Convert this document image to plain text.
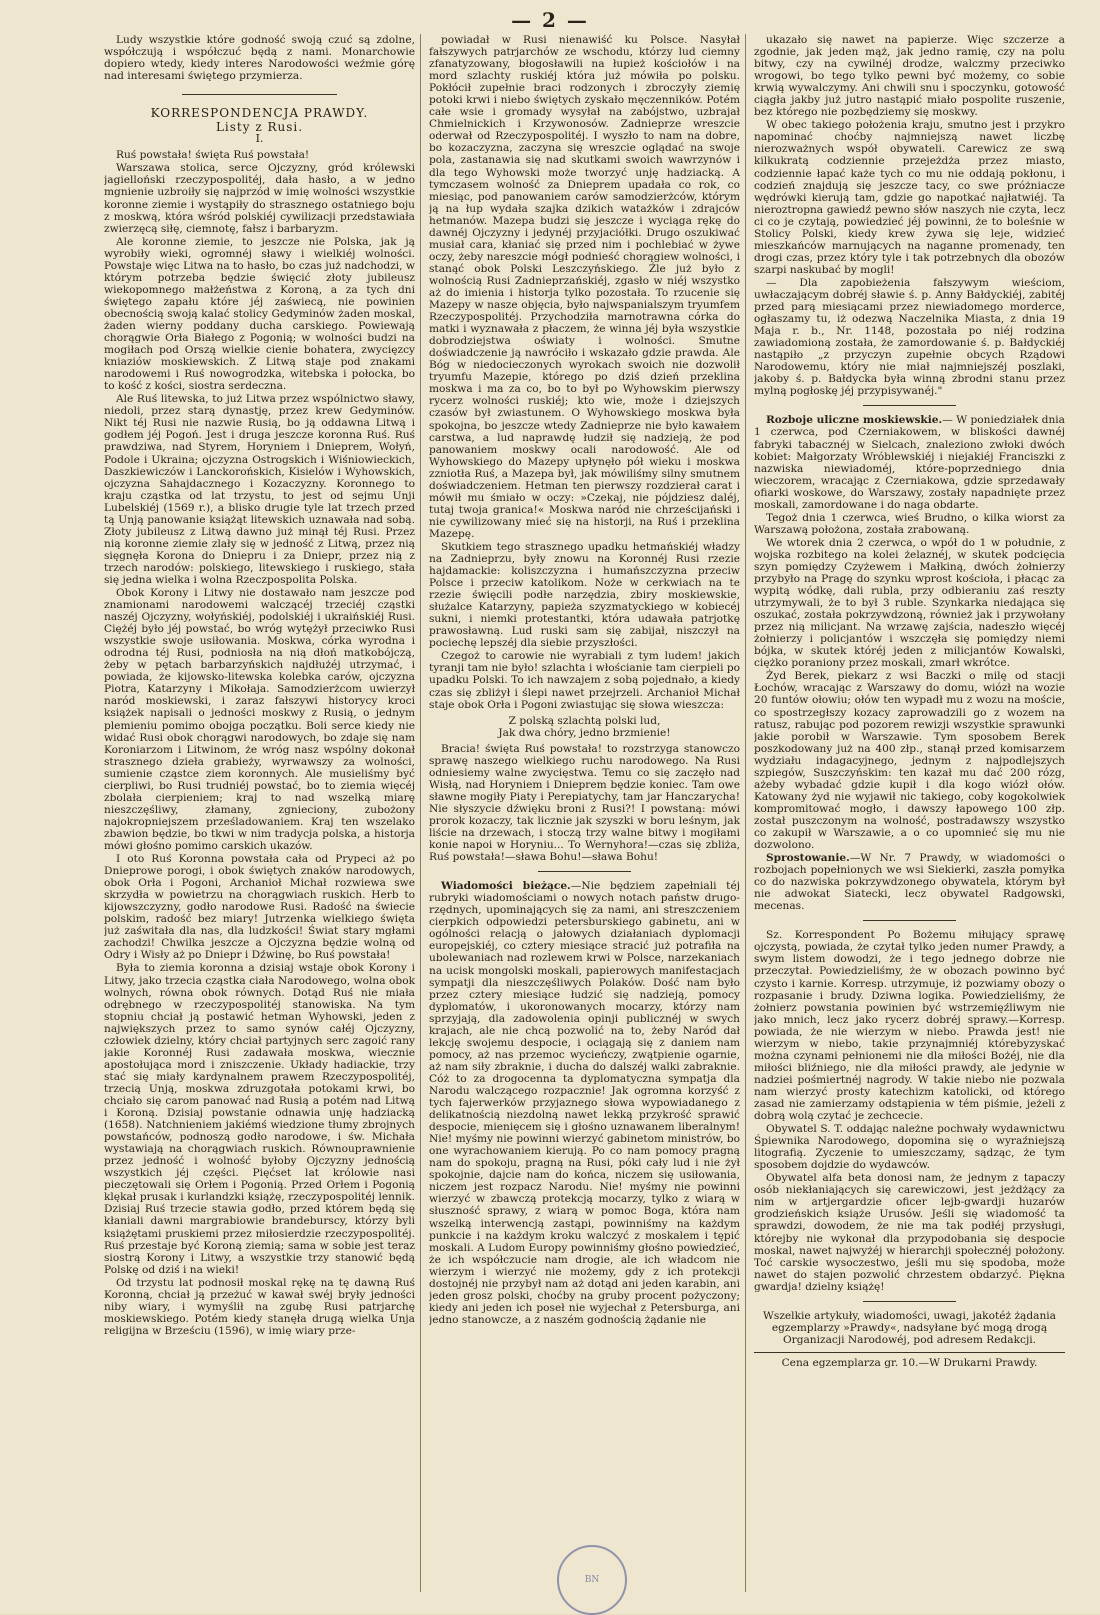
— 2 —

Ludy wszystkie które godność swoją czuć są zdolne, współczują i współczuć będą z nami. Monarchowie dopiero wtedy, kiedy interes Narodowości weźmie górę nad interesami świętego przymierza.

KORRESPONDENCJA PRAWDY.
Listy z Rusi.
I.

Ruś powstała! święta Ruś powstała!

Warszawa stolica, serce Ojczyzny, gród królewski jagielloński rzeczypospolitéj, dała hasło, a w jedno mgnienie uzbroiły się najprzód w imię wolności wszystkie koronne ziemie i wystąpiły do strasznego ostatniego boju z moskwą, która wśród polskiéj cywilizacji przedstawiała zwierzęcą siłę, ciemnotę, fałsz i barbaryzm.

Ale koronne ziemie, to jeszcze nie Polska, jak ją wyrobiły wieki, ogromnéj sławy i wielkiéj wolności. Powstaje więc Litwa na to hasło, bo czas już nadchodzi, w którym potrzeba będzie święcić złoty jubileusz wiekopomnego małżeństwa z Koroną, a za tych dni świętego zapału które jéj zaświecą, nie powinien obecnością swoją kalać stolicy Gedyminów żaden moskal, żaden wierny poddany ducha carskiego. Powiewają chorągwie Orła Białego z Pogonią; w wolności budzi na mogiłach pod Orszą wielkie cienie bohatera, zwycięzcy kniaziów moskiewskich. Z Litwą staje pod znakami narodowemi i Ruś nowogrodzka, witebska i połocka, bo to kość z kości, siostra serdeczna.

Ale Ruś litewska, to już Litwa przez wspólnictwo sławy, niedoli, przez starą dynastję, przez krew Gedyminów. Nikt téj Rusi nie nazwie Rusią, bo ją oddawna Litwą i godłem jéj Pogoń. Jest i druga jeszcze koronna Ruś. Ruś prawdziwa, nad Styrem, Horyniem i Dnieprem, Wołyń, Podole i Ukraina; ojczyzna Ostrogskich i Wiśniowieckich, Daszkiewiczów i Lanckorońskich, Kisielów i Wyhowskich, ojczyzna Sahajdacznego i Kozaczyzny. Koronnego to kraju cząstka od lat trzystu, to jest od sejmu Unji Lubelskiéj (1569 r.), a blisko drugie tyle lat trzech przed tą Unją panowanie książąt litewskich uznawała nad sobą. Złoty jubileusz z Litwą dawno już minął téj Rusi. Przez nią koronne ziemie zlały się w jedność z Litwą, przez nią sięgnęła Korona do Dniepru i za Dniepr, przez nią z trzech narodów: polskiego, litewskiego i ruskiego, stała się jedna wielka i wolna Rzeczpospolita Polska.

Obok Korony i Litwy nie dostawało nam jeszcze pod znamionami narodowemi walczącéj trzeciéj cząstki naszéj Ojczyzny, wołyńskiéj, podolskiéj i ukraińskiéj Rusi. Ciężéj było jéj powstać, bo wróg wytężył przeciwko Rusi wszystkie swoje usiłowania. Moskwa, córka wyrodna i odrodna téj Rusi, podniosła na nią dłoń matkobójczą, żeby w pętach barbarzyńskich najdłużéj utrzymać, i powiada, że kijowsko-litewska kolebka carów, ojczyzna Piotra, Katarzyny i Mikołaja. Samodzierżcom uwierzył naród moskiewski, i zaraz fałszywi historycy kroci książek napisali o jedności moskwy z Rusią, o jednym plemieniu pomimo obojga początku. Boli serce kiedy nie widać Rusi obok chorągwi narodowych, bo zdaje się nam Koroniarzom i Litwinom, że wróg nasz wspólny dokonał strasznego dzieła grabieży, wyrwawszy za wolności, sumienie cząstce ziem koronnych. Ale musieliśmy być cierpliwi, bo Rusi trudniéj powstać, bo to ziemia więcéj zbolała cierpieniem; kraj to nad wszelką miarę nieszczęśliwy, złamany, zgnieciony, zubożony najokropniejszem prześladowaniem. Kraj ten wszelako zbawion będzie, bo tkwi w nim tradycja polska, a historja mówi głośno pomimo carskich ukazów.

I oto Ruś Koronna powstała cała od Prypeci aż po Dnieprowe porogi, i obok świętych znaków narodowych, obok Orła i Pogoni, Archanioł Michał rozwiewa swe skrzydła w powietrzu na chorągwiach ruskich. Herb to kijowszczyzny, godło narodowe Rusi. Radość na świecie polskim, radość bez miary! Jutrzenka wielkiego święta już zaświtała dla nas, dla ludzkości! Świat stary mgłami zachodzi! Chwilka jeszcze a Ojczyzna będzie wolną od Odry i Wisły aż po Dniepr i Dźwinę, bo Ruś powstała!

Była to ziemia koronna a dzisiaj wstaje obok Korony i Litwy, jako trzecia cząstka ciała Narodowego, wolna obok wolnych, równa obok równych. Dotąd Ruś nie miała odrębnego w rzeczypospolitéj stanowiska. Na tym stopniu chciał ją postawić hetman Wyhowski, jeden z największych przez to samo synów całéj Ojczyzny, człowiek dzielny, który chciał partyjnych serc zagoić rany jakie Koronnéj Rusi zadawała moskwa, wiecznie apostołująca mord i zniszczenie. Układy hadiackie, trzy stać się miały kardynalnem prawem Rzeczypospolitéj, trzecią Unją, moskwa zdruzgotała potokami krwi, bo chciało się carom panować nad Rusią a potém nad Litwą i Koroną. Dzisiaj powstanie odnawia unję hadziacką (1658). Natchnieniem jakiémś wiedzione tłumy zbrojnych powstańców, podnoszą godło narodowe, i św. Michała wystawiają na chorągwiach ruskich. Równouprawnienie przez jedność i wolność byłoby Ojczyzny jednością wszystkich jéj części. Pięćset lat królowie nasi pieczętowali się Orłem i Pogonią. Przed Orłem i Pogonią klękał prusak i kurlandzki książę, rzeczypospolitéj lennik. Dzisiaj Ruś trzecie stawia godło, przed którem będą się kłaniali dawni margrabiowie brandeburscy, którzy byli książętami pruskiemi przez miłosierdzie rzeczypospolitéj. Ruś przestaje być Koroną ziemią; sama w sobie jest teraz siostrą Korony i Litwy, a wszystkie trzy stanowić będą Polskę od dziś i na wieki!

Od trzystu lat podnosił moskal rękę na tę dawną Ruś Koronną, chciał ją przeżuć w kawał swéj bryły jedności niby wiary, i wymyślił na zgubę Rusi patrjarchę moskiewskiego. Potém kiedy stanęła drugą wielka Unja religijna w Brześciu (1596), w imię wiary prze-

powiadał w Rusi nienawiść ku Polsce. Nasyłał fałszywych patrjarchów ze wschodu, którzy lud ciemny zfanatyzowany, błogosławili na łupież kościołów i na mord szlachty ruskiéj która już mówiła po polsku. Pokłócił zupełnie braci rodzonych i zbroczyły ziemię potoki krwi i niebo świętych zyskało męczenników. Potém całe wsie i gromady wysyłał na zabójstwo, uzbrajał Chmielnickich i Krzywonosów. Zadnieprze wreszcie oderwał od Rzeczypospolitéj. I wyszło to nam na dobre, bo kozaczyzna, zaczyna się wreszcie oglądać na swoje pola, zastanawia się nad skutkami swoich wawrzynów i dla tego Wyhowski może tworzyć unję hadziacką. A tymczasem wolność za Dnieprem upadała co rok, co miesiąc, pod panowaniem carów samodzierżców, którym ją na łup wydała szajka dzikich watażków i zdrajców hetmanów. Mazepa budzi się jeszcze i wyciąga rękę do dawnéj Ojczyzny i jedynéj przyjaciółki. Drugo oszukiwać musiał cara, kłaniać się przed nim i pochlebiać w żywe oczy, żeby nareszcie mógł podnieść chorągiew wolności, i stanąć obok Polski Leszczyńskiego. Źle już było z wolnością Rusi Zadnieprzańskiéj, zgasło w niéj wszystko aż do imienia i historja tylko pozostała. To rzucenie się Mazepy w nasze objęcia, było najwspanialszym tryumfem Rzeczypospolitéj. Przychodziła marnotrawna córka do matki i wyznawała z płaczem, że winna jéj była wszystkie dobrodziejstwa oświaty i wolności. Smutne doświadczenie ją nawróciło i wskazało gdzie prawda. Ale Bóg w niedocieczonych wyrokach swoich nie dozwolił tryumfu Mazepie, którego po dziś dzień przeklina moskwa i ma za co, bo to był po Wyhowskim pierwszy rycerz wolności ruskiéj; kto wie, może i dziejszych czasów był zwiastunem. O Wyhowskiego moskwa była spokojna, bo jeszcze wtedy Zadnieprze nie było kawałem carstwa, a lud naprawdę łudził się nadzieją, że pod panowaniem moskwy ocali narodowość. Ale od Wyhowskiego do Mazepy upłynęło pół wieku i moskwa zzniotła Ruś, a Mazepa był, jak mówiliśmy silny smutnem doświadczeniem. Hetman ten pierwszy rozdzierał carat i mówił mu śmiało w oczy: »Czekaj, nie pójdziesz daléj, tutaj twoja granica!« Moskwa naród nie chrześcijański i nie cywilizowany mieć się na historji, na Ruś i przeklina Mazepę.

Skutkiem tego strasznego upadku hetmańskiéj władzy na Zadnieprzu, były znowu na Koronnéj Rusi rzezie hajdamackie: koliszczyzna i humańszczyzna przeciw Polsce i przeciw katolikom. Noże w cerkwiach na te rzezie święcili podłe narzędzia, zbiry moskiewskie, służalce Katarzyny, papieża szyzmatyckiego w kobiecéj sukni, i niemki protestantki, która udawała patrjotkę prawosławną. Lud ruski sam się zabijał, niszczył na pociechę lepszéj dla siebie przyszłości.

Czegoż to carowie nie wyrabiali z tym ludem! jakich tyranji tam nie było! szlachta i włościanie tam cierpieli po upadku Polski. To ich nawzajem z sobą pojednało, a kiedy czas się zbliżył i ślepi nawet przejrzeli. Archanioł Michał staje obok Orła i Pogoni zwiastując się słowa wieszcza:

Z polską szlachtą polski lud,
Jak dwa chóry, jedno brzmienie!

Bracia! święta Ruś powstała! to rozstrzyga stanowczo sprawę naszego wielkiego ruchu narodowego. Na Rusi odniesiemy walne zwycięstwa. Temu co się zaczęło nad Wisłą, nad Horyniem i Dnieprem będzie koniec. Tam owe sławne mogiły Piaty i Perepiatychy, tam jar Hanczarycha! Nie słyszycie dźwięku broni z Rusi?! I powstaną: mówi prorok kozaczy, tak licznie jak szyszki w boru leśnym, jak liście na drzewach, i stoczą trzy walne bitwy i mogiłami konie napoi w Horyniu... To Wernyhora!—czas się zbliża, Ruś powstała!—sława Bohu!—sława Bohu!

Wiadomości bieżące.—Nie będziem zapełniali téj rubryki wiadomościami o nowych notach państw drugo-rzędnych, upominających się za nami, ani streszczeniem cierpkich odpowiedzi petersburskiego gabinetu, ani w ogólności relacją o jałowych działaniach dyplomacji europejskiéj, co cztery miesiące stracić już potrafiła na ubolewaniach nad rozlewem krwi w Polsce, narzekaniach na ucisk mongolski moskali, papierowych manifestacjach sympatji dla nieszczęśliwych Polaków. Dość nam było przez cztery miesiące łudzić się nadzieją, pomocy dyplomatów, i ukoronowanych mocarzy, którzy nam sprzyjają, dla zadowolenia opinji publicznéj w swych krajach, ale nie chcą pozwolić na to, żeby Naród dał lekcję swojemu despocie, i ociągają się z daniem nam pomocy, aż nas przemoc wycieńczy, zwątpienie ogarnie, aż nam siły zbraknie, i ducha do dalszéj walki zabraknie. Cóż to za drogocenna ta dyplomatyczna sympatja dla Narodu walczącego rozpacznie! Jak ogromna korzyść z tych fajerwerków przyjaznego słowa wypowiadanego z delikatnością niezdolną nawet lekką przykrość sprawić despocie, mienięcem się i głośno uznawanem liberalnym! Nie! myśmy nie powinni wierzyć gabinetom ministrów, bo one wyrachowaniem kierują. Po co nam pomocy pragną nam do spokoju, pragną na Rusi, póki cały lud i nie żył spokojnie, dajcie nam do końca, niczem się usiłowania, niczem jest rozpacz Narodu. Nie! myśmy nie powinni wierzyć w zbawczą protekcją mocarzy, tylko z wiarą w słuszność sprawy, z wiarą w pomoc Boga, która nam wszelką interwencją zastąpi, powinniśmy na każdym punkcie i na każdym kroku walczyć z moskalem i tępić moskali. A Ludom Europy powinniśmy głośno powiedzieć, że ich współczucie nam drogie, ale ich władcom nie wierzym i wierzyć nie możemy, gdy z ich protekcji dostojnéj nie przybył nam aż dotąd ani jeden karabin, ani jeden grosz polski, choćby na gruby procent pożyczony; kiedy ani jeden ich poseł nie wyjechał z Petersburga, ani jedno stanowcze, a z naszém godnością żądanie nie

ukazało się nawet na papierze. Więc szczerze a zgodnie, jak jeden mąż, jak jedno ramię, czy na polu bitwy, czy na cywilnéj drodze, walczmy przeciwko wrogowi, bo tego tylko pewni być możemy, co sobie krwią wywalczymy. Ani chwili snu i spoczynku, gotowość ciągła jakby już jutro nastąpić miało pospolite ruszenie, bez którego nie pozbędziemy się moskwy.

W obec takiego położenia kraju, smutno jest i przykro napominać choćby najmniejszą nawet liczbę nierozważnych współ obywateli. Carewicz ze swą kilkukratą codziennie przejeżdża przez miasto, codziennie łapać każe tych co mu nie oddają pokłonu, i codzień znajdują się jeszcze tacy, co swe próżniacze wędrówki kierują tam, gdzie go napotkać najłatwiéj. Ta nieroztropna gawiedź pewno słów naszych nie czyta, lecz ci co je czytają, powiedzieć jéj powinni, że to boleśnie w Stolicy Polski, kiedy krew żywa się leje, widzieć mieszkańców marnujących na naganne promenady, ten drogi czas, przez który tyle i tak potrzebnych dla obozów szarpi naskubać by mogli!

— Dla zapobieżenia fałszywym wieściom, uwłaczającym dobréj sławie ś. p. Anny Bałdyckiéj, zabitéj przed parą miesiącami przez niewiadomego morderce, ogłaszamy tu, iż odezwą Naczelnika Miasta, z dnia 19 Maja r. b., Nr. 1148, pozostała po niéj rodzina zawiadomioną została, że zamordowanie ś. p. Bałdyckiéj nastąpiło „z przyczyn zupełnie obcych Rządowi Narodowemu, który nie miał najmniejszéj poszlaki, jakoby ś. p. Bałdycka była winną zbrodni stanu przez mylną pogłoskę jéj przypisywanéj."

Rozboje uliczne moskiewskie.— W poniedziałek dnia 1 czerwca, pod Czerniakowem, w bliskości dawnéj fabryki tabacznéj w Sielcach, znaleziono zwłoki dwóch kobiet: Małgorzaty Wróblewskiéj i niejakiéj Franciszki z nazwiska niewiadoméj, które-poprzedniego dnia wieczorem, wracając z Czerniakowa, gdzie sprzedawały ofiarki woskowe, do Warszawy, zostały napadnięte przez moskali, zamordowane i do naga obdarte.

Tegoż dnia 1 czerwca, wieś Brudno, o kilka wiorst za Warszawą położona, została zrabowaną.

We wtorek dnia 2 czerwca, o wpół do 1 w południe, z wojska rozbitego na kolei żelaznéj, w skutek podcięcia szyn pomiędzy Czyżewem i Małkiną, dwóch żołnierzy przybyło na Pragę do szynku wprost kościoła, i płacąc za wypitą wódkę, dali rubla, przy odbieraniu zaś reszty utrzymywali, że to był 3 ruble. Szynkarka niedająca się oszukać, została pokrzywdzoną, również jak i przywołany przez nią milicjant. Na wrzawę zajścia, nadeszło więcéj żołnierzy i policjantów i wszczęła się pomiędzy niemi bójka, w skutek któréj jeden z milicjantów Kowalski, ciężko poraniony przez moskali, zmarł wkrótce.

Żyd Berek, piekarz z wsi Baczki o milę od stacji Łochów, wracając z Warszawy do domu, wiózł na wozie 20 funtów ołowiu; ołów ten wypadł mu z wozu na moście, co spostrzegłszy kozacy zaprowadzili go z wozem na ratusz, rabując pod pozorem rewizji wszystkie sprawunki jakie porobił w Warszawie. Tym sposobem Berek poszkodowany już na 400 złp., stanął przed komisarzem wydziału indagacyjnego, jednym z najpodlejszych szpiegów, Suszczyńskim: ten kazał mu dać 200 rózg, ażeby wybadać gdzie kupił i dla kogo wiózł ołów. Katowany żyd nie wyjawił nic takiego, coby kogokolwiek kompromitować mogło, i dawszy łapowego 100 złp. został puszczonym na wolność, postradawszy wszystko co zakupił w Warszawie, a o co upomnieć się mu nie dozwolono.

Sprostowanie.—W Nr. 7 Prawdy, w wiadomości o rozbojach popełnionych we wsi Siekierki, zaszła pomyłka co do nazwiska pokrzywdzonego obywatela, którym był nie adwokat Siatecki, lecz obywatel Radgowski, mecenas.

Sz. Korrespondent Po Bożemu miłujący sprawę ojczystą, powiada, że czytał tylko jeden numer Prawdy, a swym listem dowodzi, że i tego jednego dobrze nie przeczytał. Powiedzieliśmy, że w obozach powinno być czysto i karnie. Korresp. utrzymuje, iż pozwiamy obozy o rozpasanie i brudy. Dziwna logika. Powiedzieliśmy, że żołnierz powstania powinien być wstrzemięźliwym nie jako mnich, lecz jako rycerz dobréj sprawy.—Korresp. powiada, że nie wierzym w niebo. Prawda jest! nie wierzym w niebo, takie przynajmniéj którebyzyskać można czynami pełnionemi nie dla miłości Bożéj, nie dla miłości bliźniego, nie dla miłości prawdy, ale jedynie w nadziei pośmiertnéj nagrody. W takie niebo nie pozwala nam wierzyć prosty katechizm katolicki, od którego zasad nie zamierzamy odstąpienia w tém piśmie, jeżeli z dobrą wolą czytać je zechcecie.

Obywatel S. T. oddając należne pochwały wydawnictwu Śpiewnika Narodowego, dopomina się o wyraźniejszą litografią. Zyczenie to umieszczamy, sądząc, że tym sposobem dojdzie do wydawców.

Obywatel alfa beta donosi nam, że jednym z tapaczy osób niekłaniających się carewiczowi, jest jeżdżący za nim w artjergardzie oficer lejb-gwardji huzarów grodzieńskich książe Urusów. Jeśli się wiadomość ta sprawdzi, dowodem, że nie ma tak podłéj przysługi, którejby nie wykonał dla przypodobania się despocie moskal, nawet najwyżéj w hierarchji społecznéj położony. Toć carskie wysoczestwo, jeśli mu się spodoba, może nawet do stajen pozwolić chrzestem obdarzyć. Piękna gwardja! dzielny książę!

Wszelkie artykuły, wiadomości, uwagi, jakotéż żądania egzemplarzy »Prawdy«, nadsyłane być mogą drogą Organizacji Narodowéj, pod adresem Redakcji.
Cena egzemplarza gr. 10.—W Drukarni Prawdy.
BN
